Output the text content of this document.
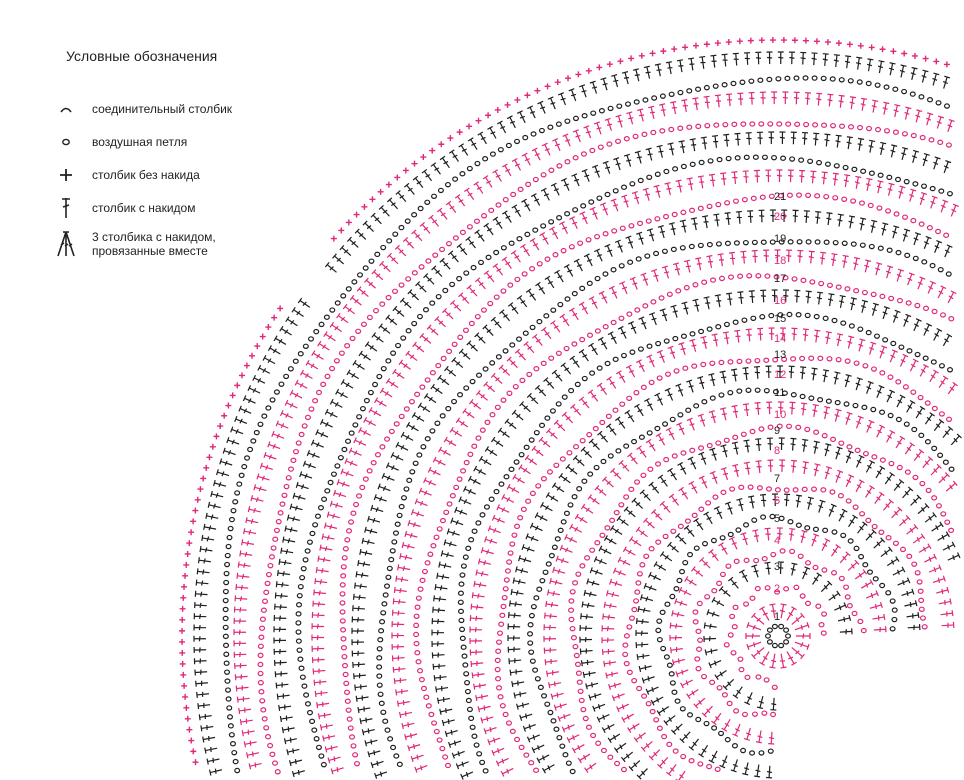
Условные обозначения
соединительный столбик
воздушная петля
столбик без накида
столбик с накидом
3 столбика с накидом,
провязанные вместе
1
2
3
4
5
6
7
8
9
10
11
12
13
14
15
16
17
18
19
20
21
